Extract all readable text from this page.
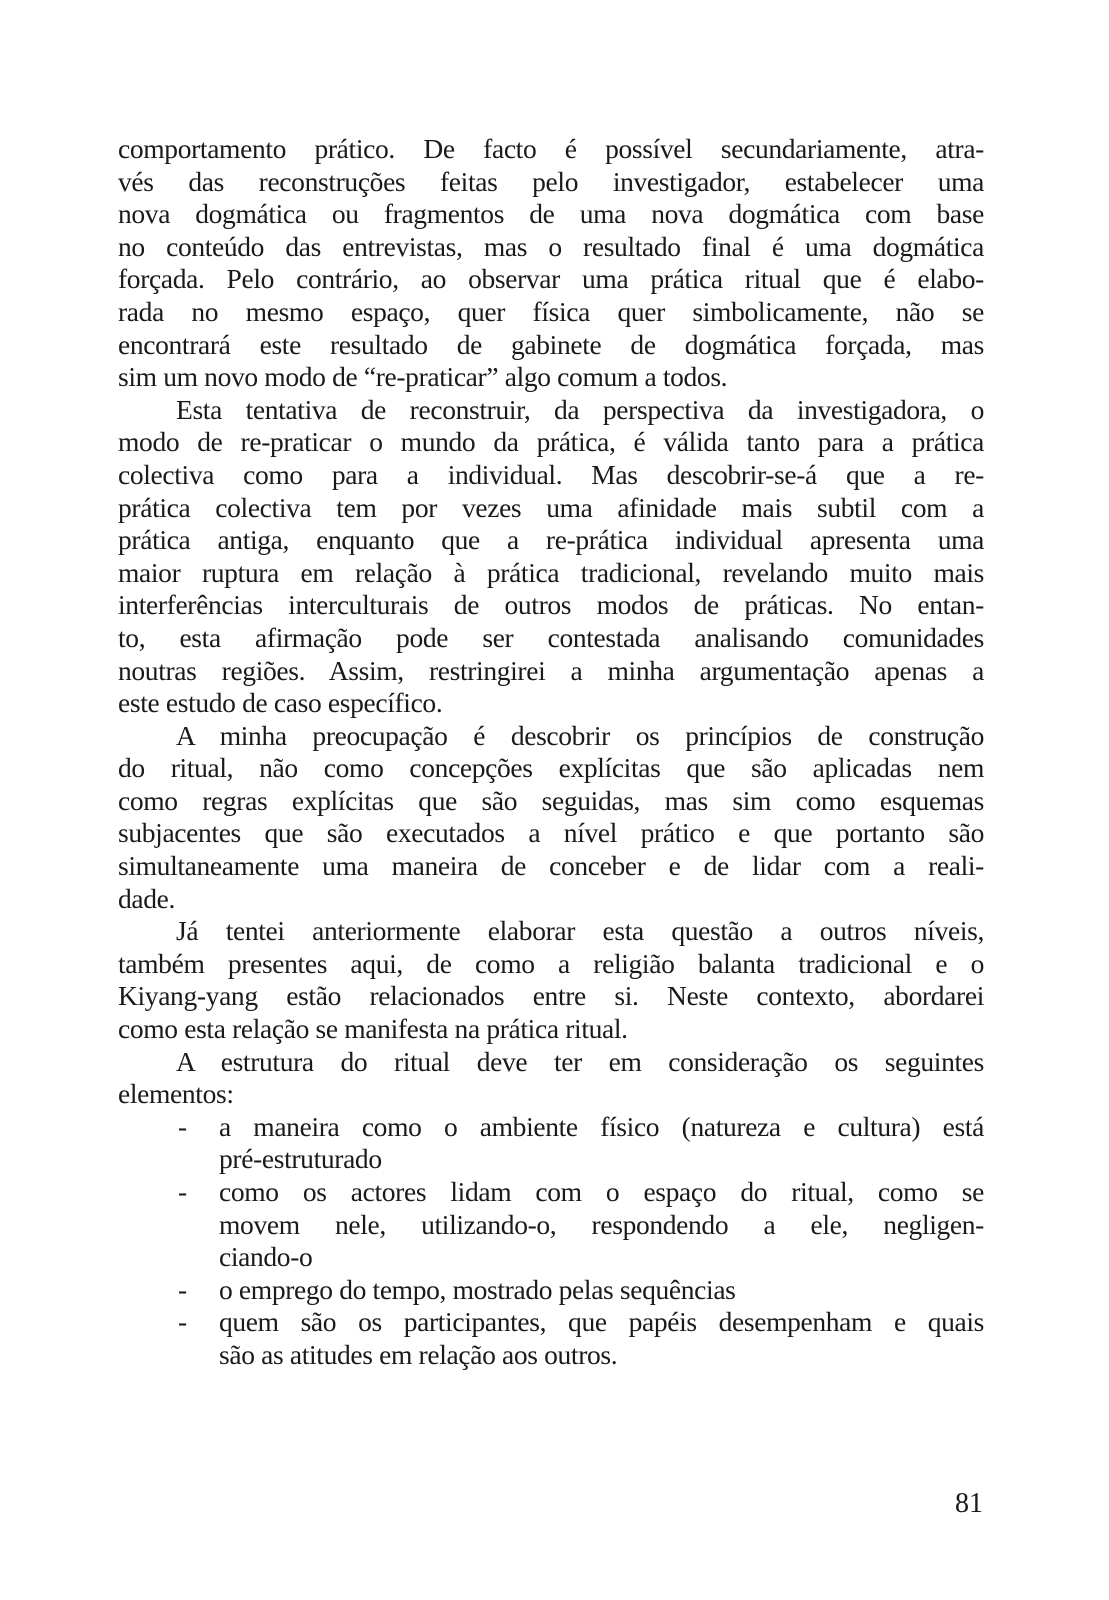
comportamento prático. De facto é possível secundariamente, atra-
vés das reconstruções feitas pelo investigador, estabelecer uma
nova dogmática ou fragmentos de uma nova dogmática com base
no conteúdo das entrevistas, mas o resultado final é uma dogmática
forçada. Pelo contrário, ao observar uma prática ritual que é elabo-
rada no mesmo espaço, quer física quer simbolicamente, não se
encontrará este resultado de gabinete de dogmática forçada, mas
sim um novo modo de “re-praticar” algo comum a todos.
Esta tentativa de reconstruir, da perspectiva da investigadora, o
modo de re-praticar o mundo da prática, é válida tanto para a prática
colectiva como para a individual. Mas descobrir-se-á que a re-
prática colectiva tem por vezes uma afinidade mais subtil com a
prática antiga, enquanto que a re-prática individual apresenta uma
maior ruptura em relação à prática tradicional, revelando muito mais
interferências interculturais de outros modos de práticas. No entan-
to, esta afirmação pode ser contestada analisando comunidades
noutras regiões. Assim, restringirei a minha argumentação apenas a
este estudo de caso específico.
A minha preocupação é descobrir os princípios de construção
do ritual, não como concepções explícitas que são aplicadas nem
como regras explícitas que são seguidas, mas sim como esquemas
subjacentes que são executados a nível prático e que portanto são
simultaneamente uma maneira de conceber e de lidar com a reali-
dade.
Já tentei anteriormente elaborar esta questão a outros níveis,
também presentes aqui, de como a religião balanta tradicional e o
Kiyang-yang estão relacionados entre si. Neste contexto, abordarei
como esta relação se manifesta na prática ritual.
A estrutura do ritual deve ter em consideração os seguintes
elementos:
- a maneira como o ambiente físico (natureza e cultura) está
pré-estruturado
- como os actores lidam com o espaço do ritual, como se
movem nele, utilizando-o, respondendo a ele, negligen-
ciando-o
- o emprego do tempo, mostrado pelas sequências
- quem são os participantes, que papéis desempenham e quais
são as atitudes em relação aos outros.
81
